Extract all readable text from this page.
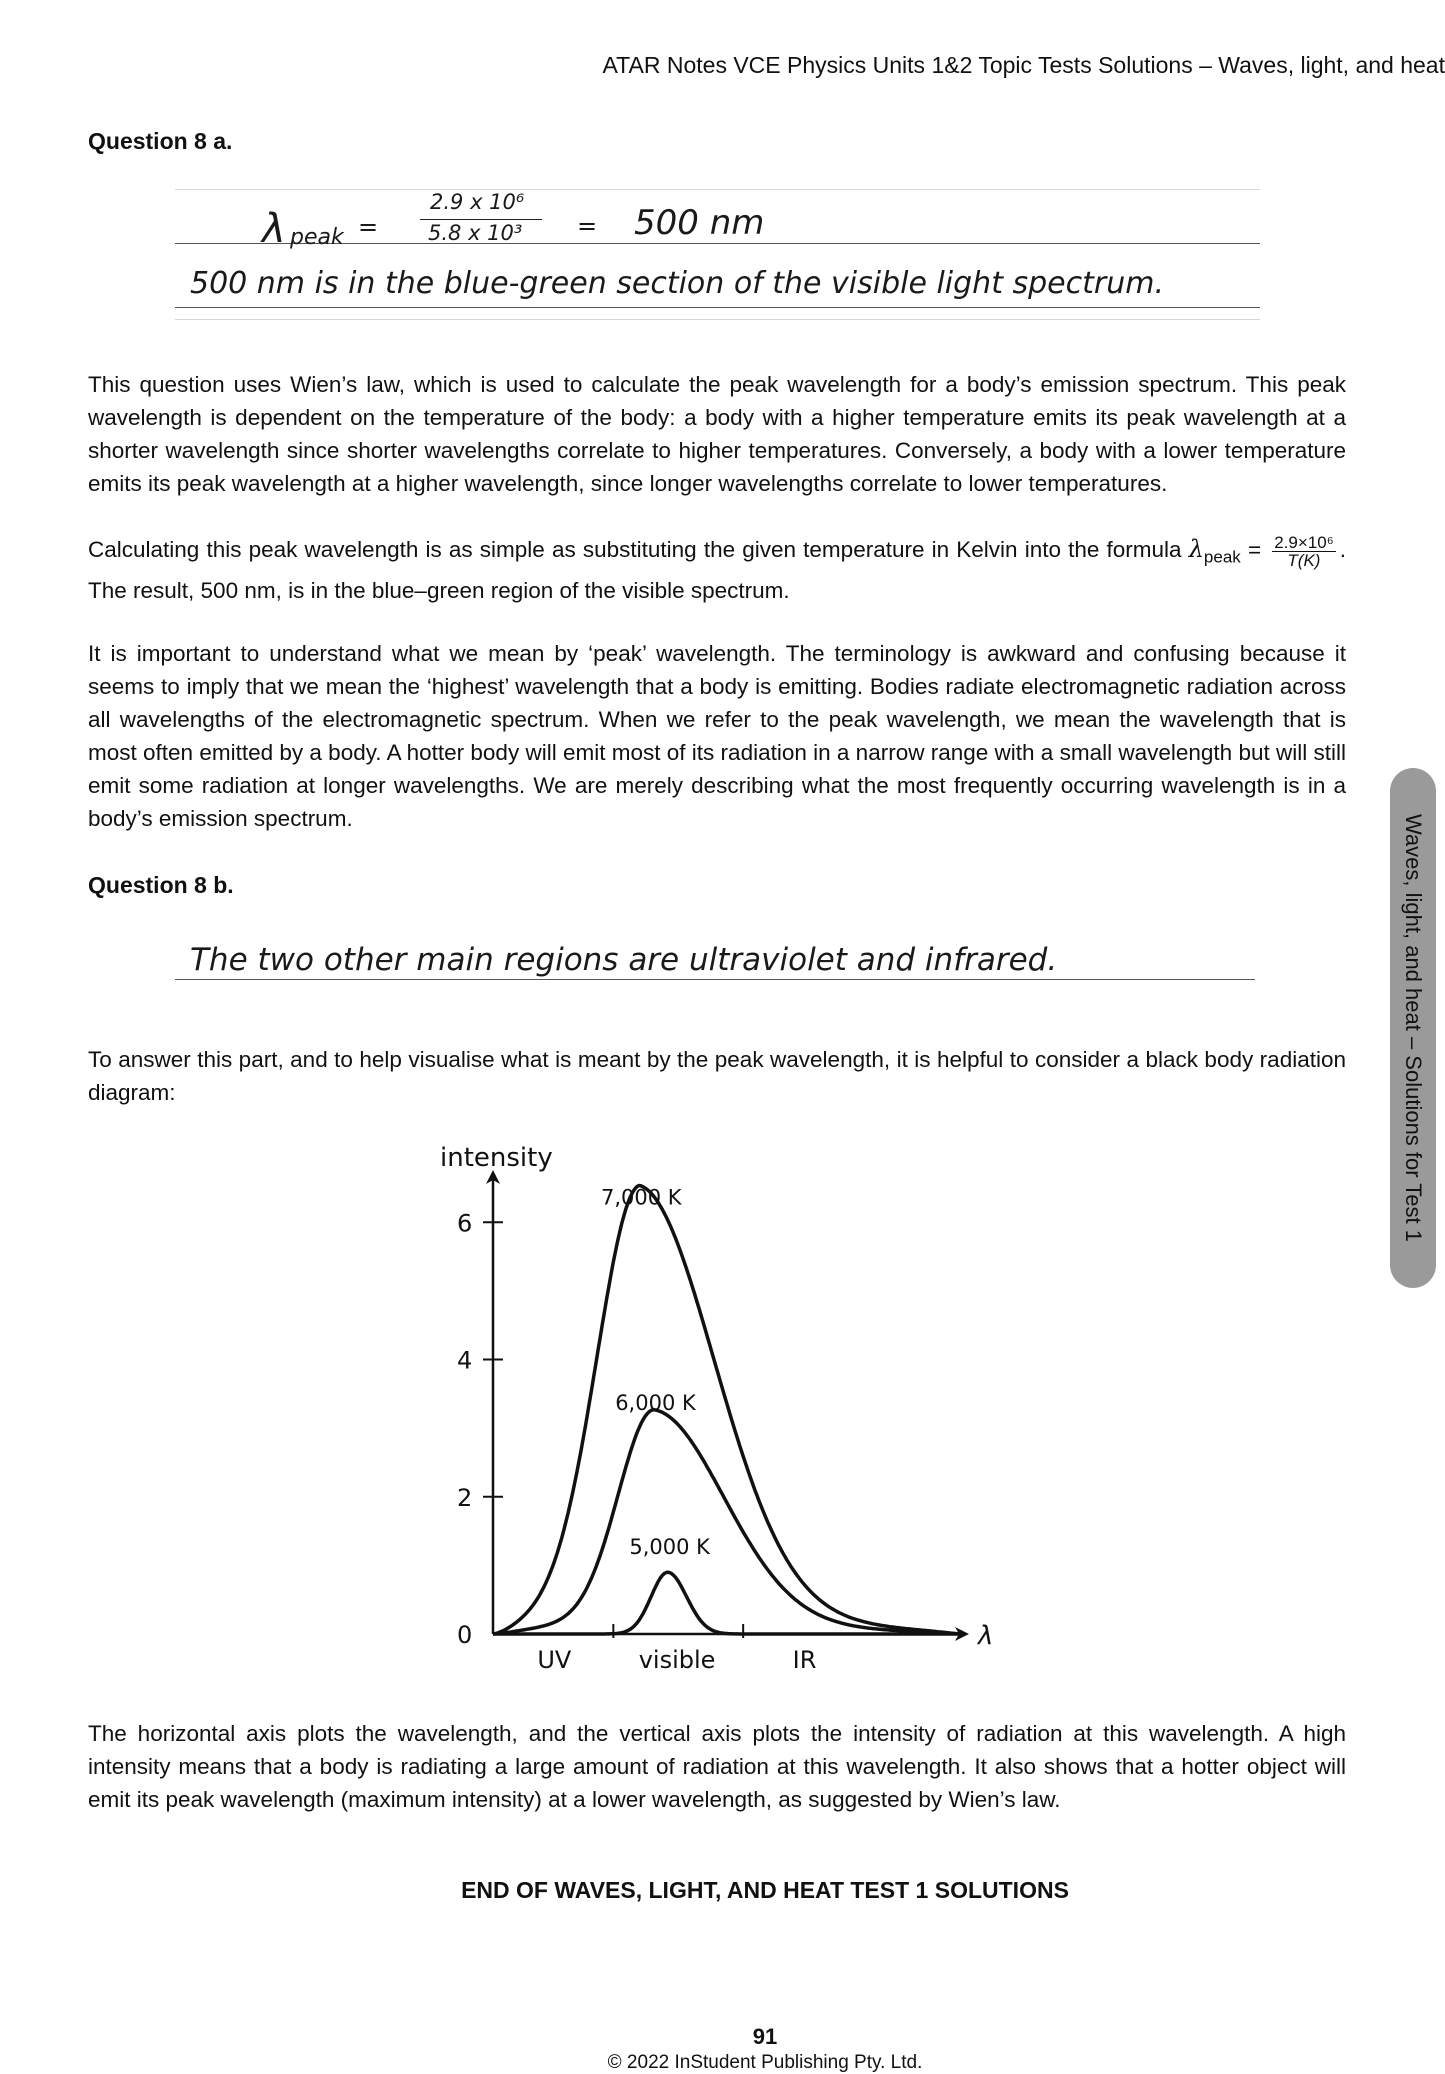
ATAR Notes VCE Physics Units 1&2 Topic Tests Solutions – Waves, light, and heat
Waves, light, and heat – Solutions for Test 1
Question 8 a.
λ peak =
2.9 x 10⁶
5.8 x 10³ = 500 nm
500 nm is in the blue-green section of the visible light spectrum.

This question uses Wien’s law, which is used to calculate the peak wavelength for a body’s emission spectrum. This peak wavelength is dependent on the temperature of the body: a body with a higher temperature emits its peak wavelength at a shorter wavelength since shorter wavelengths correlate to higher temperatures. Conversely, a body with a lower temperature emits its peak wavelength at a higher wavelength, since longer wavelengths correlate to lower temperatures.

Calculating this peak wavelength is as simple as substituting the given temperature in Kelvin into the formula $\lambda_{peak} = \frac{\text{2.9×10⁶}}{T(K)}$ . The result, 500 nm, is in the blue–green region of the visible spectrum.

It is important to understand what we mean by ‘peak’ wavelength. The terminology is awkward and confusing because it seems to imply that we mean the ‘highest’ wavelength that a body is emitting. Bodies radiate electromagnetic radiation across all wavelengths of the electromagnetic spectrum. When we refer to the peak wavelength, we mean the wavelength that is most often emitted by a body. A hotter body will emit most of its radiation in a narrow range with a small wavelength but will still emit some radiation at longer wavelengths. We are merely describing what the most frequently occurring wavelength is in a body’s emission spectrum.

Question 8 b.
The two other main regions are ultraviolet and infrared.

To answer this part, and to help visualise what is meant by the peak wavelength, it is helpful to consider a black body radiation diagram:

intensity
λ
0
2
4
6
UV	visible	IR
7,000 K
6,000 K
5,000 K

The horizontal axis plots the wavelength, and the vertical axis plots the intensity of radiation at this wavelength. A high intensity means that a body is radiating a large amount of radiation at this wavelength. It also shows that a hotter object will emit its peak wavelength (maximum intensity) at a lower wavelength, as suggested by Wien’s law.

END OF WAVES, LIGHT, AND HEAT TEST 1 SOLUTIONS
91
© 2022 InStudent Publishing Pty. Ltd.
